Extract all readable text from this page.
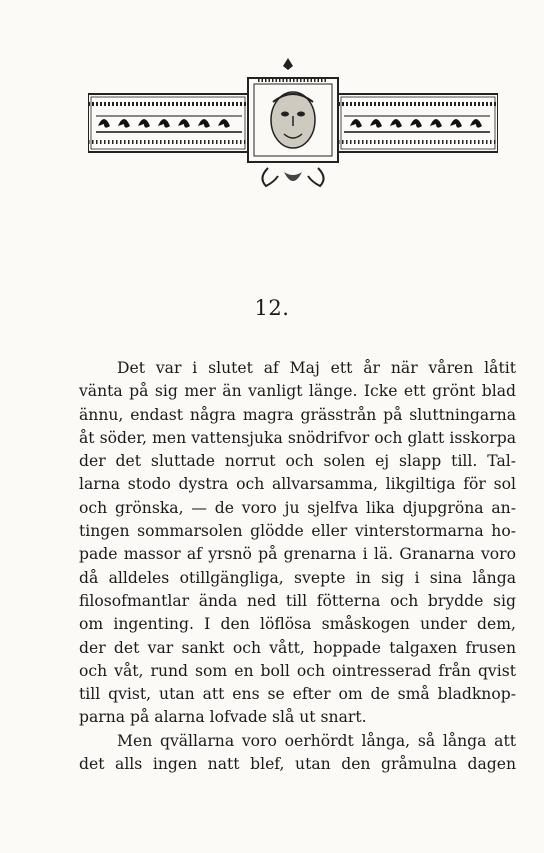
12.

Det var i slutet af Maj ett år när våren låtit
vänta på sig mer än vanligt länge. Icke ett grönt blad
ännu, endast några magra grässtrån på sluttningarna
åt söder, men vattensjuka snödrifvor och glatt isskorpa
der det sluttade norrut och solen ej slapp till. Tal-
larna stodo dystra och allvarsamma, likgiltiga för sol
och grönska, — de voro ju sjelfva lika djupgröna an-
tingen sommarsolen glödde eller vinterstormarna ho-
pade massor af yrsnö på grenarna i lä. Granarna voro
då alldeles otillgängliga, svepte in sig i sina långa
filosofmantlar ända ned till fötterna och brydde sig
om ingenting. I den löflösa småskogen under dem,
der det var sankt och vått, hoppade talgaxen frusen
och våt, rund som en boll och ointresserad från qvist
till qvist, utan att ens se efter om de små bladknop-
parna på alarna lofvade slå ut snart.

Men qvällarna voro oerhördt långa, så långa att
det alls ingen natt blef, utan den gråmulna dagen
